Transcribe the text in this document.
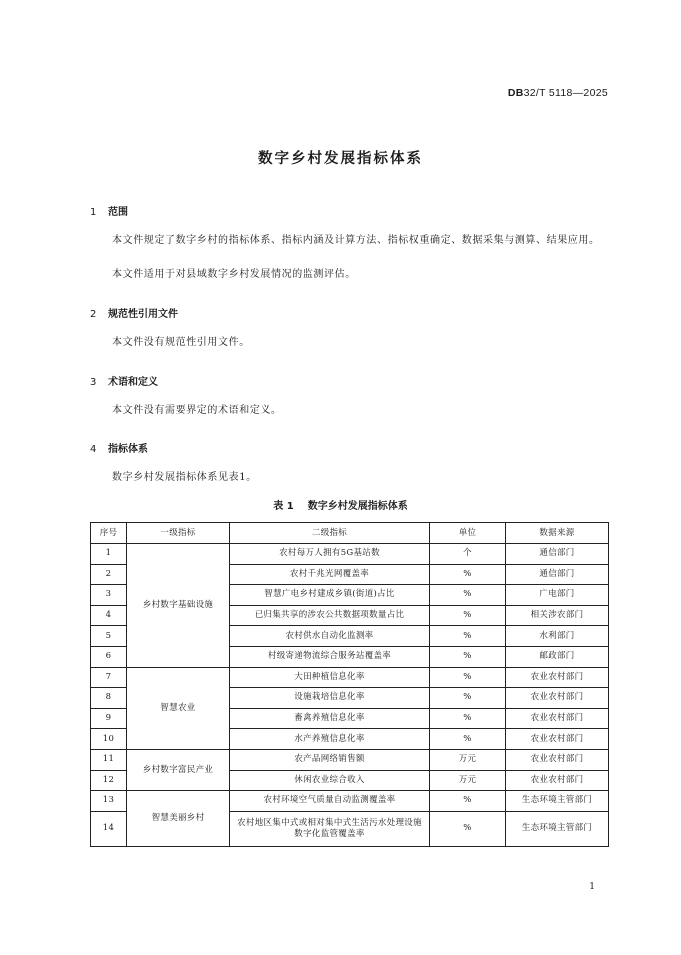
DB32/T 5118—2025
数字乡村发展指标体系
1 范围
本文件规定了数字乡村的指标体系、指标内涵及计算方法、指标权重确定、数据采集与测算、结果应用。
本文件适用于对县域数字乡村发展情况的监测评估。
2 规范性引用文件
本文件没有规范性引用文件。
3 术语和定义
本文件没有需要界定的术语和定义。
4 指标体系
数字乡村发展指标体系见表1。
表 1 数字乡村发展指标体系
序号	一级指标	二级指标	单位	数据来源
1	乡村数字基础设施	农村每万人拥有5G基站数	个	通信部门
2		农村千兆光网覆盖率	%	通信部门
3		智慧广电乡村建成乡镇(街道)占比	%	广电部门
4		已归集共享的涉农公共数据项数量占比	%	相关涉农部门
5		农村供水自动化监测率	%	水利部门
6		村级寄递物流综合服务站覆盖率	%	邮政部门
7	智慧农业	大田种植信息化率	%	农业农村部门
8		设施栽培信息化率	%	农业农村部门
9		畜禽养殖信息化率	%	农业农村部门
10		水产养殖信息化率	%	农业农村部门
11	乡村数字富民产业	农产品网络销售额	万元	农业农村部门
12		休闲农业综合收入	万元	农业农村部门
13	智慧美丽乡村	农村环境空气质量自动监测覆盖率	%	生态环境主管部门
14		农村地区集中式或相对集中式生活污水处理设施数字化监管覆盖率	%	生态环境主管部门
1
